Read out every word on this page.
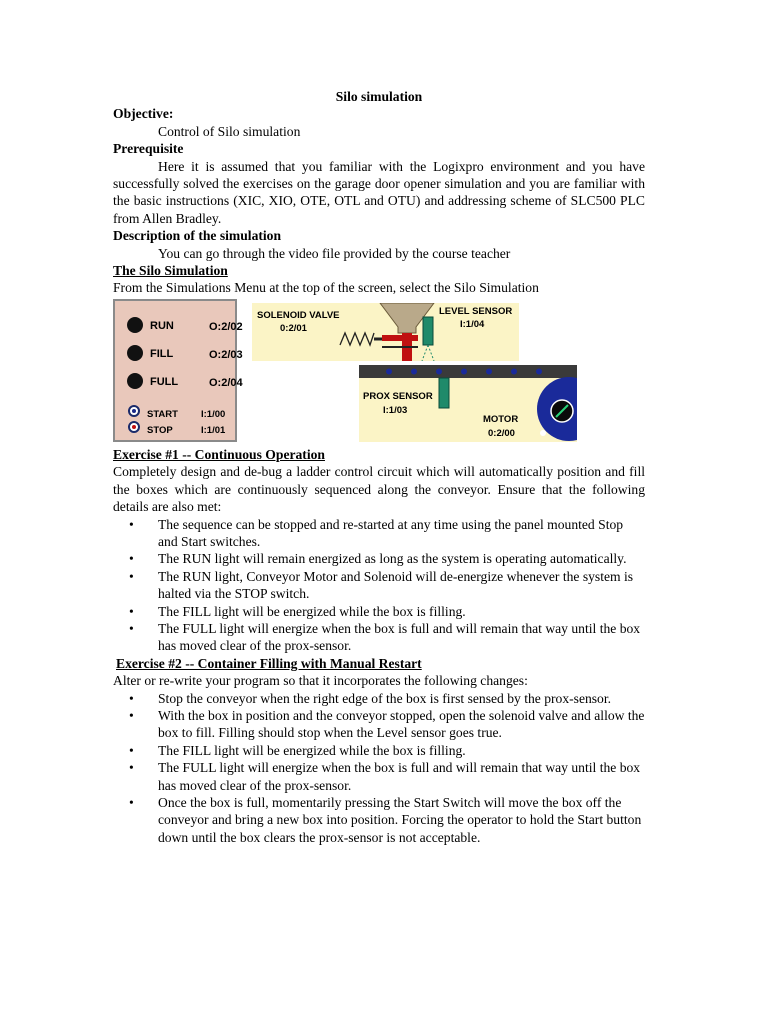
Silo simulation

Objective:

Control of Silo simulation

Prerequisite

Here it is assumed that you familiar with the Logixpro environment and you have successfully solved the exercises on the garage door opener simulation and you are familiar with the basic instructions (XIC, XIO, OTE, OTL and OTU) and addressing scheme of SLC500 PLC from Allen Bradley.

Description of the simulation

You can go through the video file provided by the course teacher

The Silo Simulation

From the Simulations Menu at the top of the screen, select the Silo Simulation

RUN	O:2/02
FILL	O:2/03
FULL	O:2/04
START I:1/00
STOP	I:1/01
SOLENOID VALVE
0:2/01
LEVEL SENSOR
I:1/04
PROX SENSOR
I:1/03
MOTOR
0:2/00

Exercise #1 -- Continuous Operation

Completely design and de-bug a ladder control circuit which will automatically position and fill the boxes which are continuously sequenced along the conveyor. Ensure that the following details are also met:

• The sequence can be stopped and re-started at any time using the panel mounted Stop and Start switches.
• The RUN light will remain energized as long as the system is operating automatically.
• The RUN light, Conveyor Motor and Solenoid will de-energize whenever the system is halted via the STOP switch.
• The FILL light will be energized while the box is filling.
• The FULL light will energize when the box is full and will remain that way until the box has moved clear of the prox-sensor.

Exercise #2 -- Container Filling with Manual Restart

Alter or re-write your program so that it incorporates the following changes:

• Stop the conveyor when the right edge of the box is first sensed by the prox-sensor.
• With the box in position and the conveyor stopped, open the solenoid valve and allow the box to fill. Filling should stop when the Level sensor goes true.
• The FILL light will be energized while the box is filling.
• The FULL light will energize when the box is full and will remain that way until the box has moved clear of the prox-sensor.
• Once the box is full, momentarily pressing the Start Switch will move the box off the conveyor and bring a new box into position. Forcing the operator to hold the Start button down until the box clears the prox-sensor is not acceptable.
